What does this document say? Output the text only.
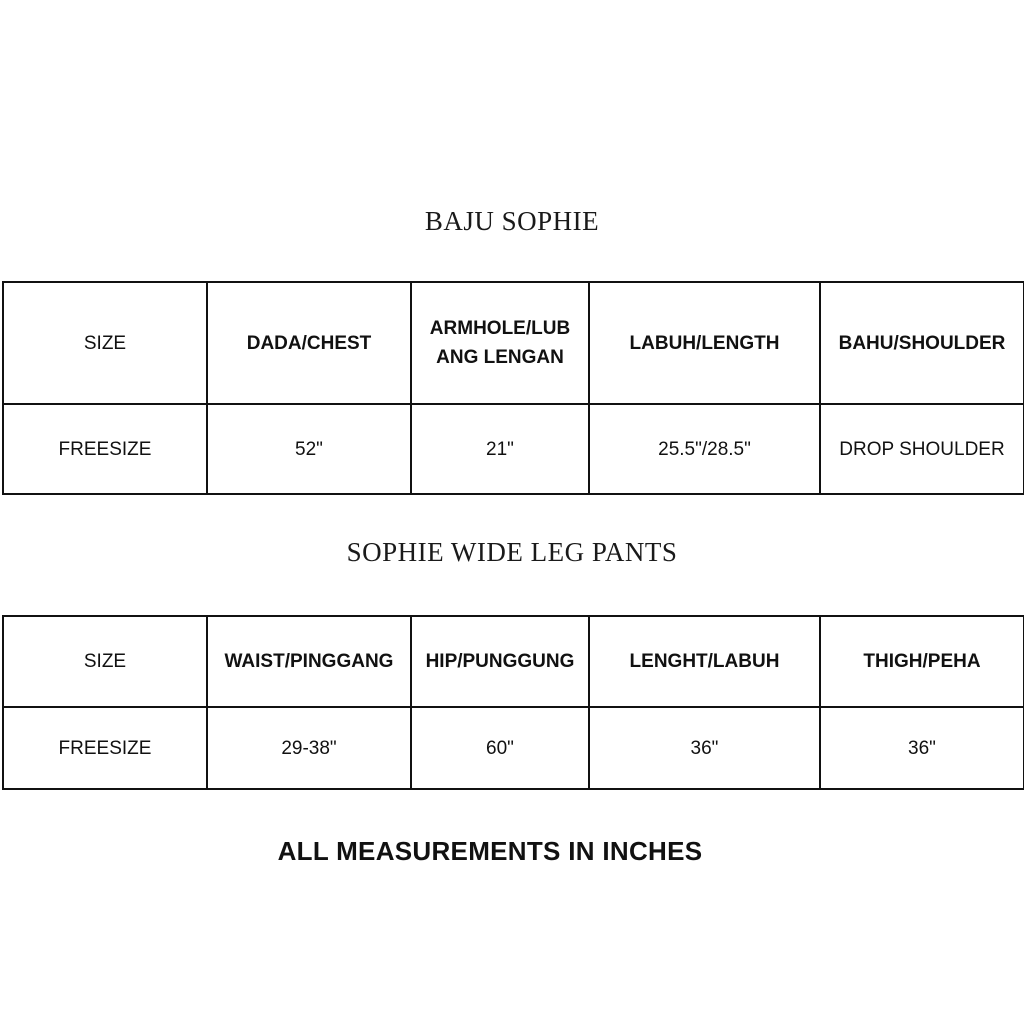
BAJU SOPHIE
SIZE	DADA/CHEST	ARMHOLE/LUBANG LENGAN	LABUH/LENGTH	BAHU/SHOULDER
FREESIZE	52"	21"	25.5"/28.5"	DROP SHOULDER
SOPHIE WIDE LEG PANTS
SIZE	WAIST/PINGGANG	HIP/PUNGGUNG	LENGHT/LABUH	THIGH/PEHA
FREESIZE	29-38"	60"	36"	36"

ALL MEASUREMENTS IN INCHES
